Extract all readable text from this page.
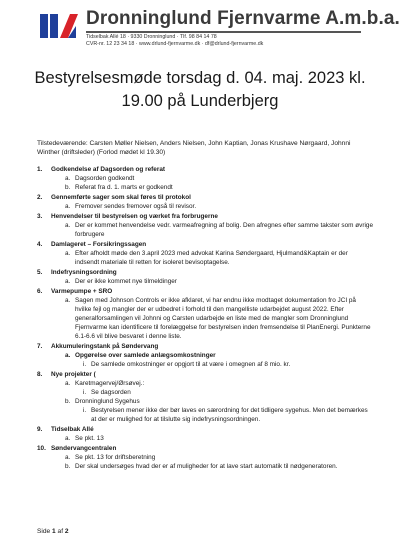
Dronninglund Fjernvarme A.m.b.a.
Tidselbak Allé 18 · 9330 Dronninglund · Tlf. 98 84 14 78
CVR-nr. 12 23 34 18 · www.drlund-fjernvarme.dk · df@drlund-fjernvarme.dk
Bestyrelsesmøde torsdag d. 04. maj. 2023 kl. 19.00 på Lunderbjerg
Tilstedeværende: Carsten Møller Nielsen, Anders Nielsen, John Kaptian, Jonas Krushave Nørgaard, Johnni Winther (driftsleder) (Forlod mødet kl 19.30)
1. Godkendelse af Dagsorden og referat
a. Dagsorden godkendt
b. Referat fra d. 1. marts er godkendt
2. Gennemførte sager som skal føres til protokol
a. Fremover sendes fremover også til revisor.
3. Henvendelser til bestyrelsen og værket fra forbrugerne
a. Der er kommet henvendelse vedr. varmeafregning af bolig. Den afregnes efter samme takster som øvrige forbrugere
4. Damlageret – Forsikringssagen
a. Efter afholdt møde den 3.april 2023 med advokat Karina Søndergaard, Hjulmand&Kaptain er der indsendt materiale til retten for isoleret bevisoptagelse.
5. Indefrysningsordning
a. Der er ikke kommet nye tilmeldinger
6. Varmepumpe + SRO
a. Sagen med Johnson Controls er ikke afklaret, vi har endnu ikke modtaget dokumentation fro JCI på hvilke fejl og mangler der er udbedret i forhold til den mangelliste udarbejdet august 2022. Efter generalforsamlingen vil Johnni og Carsten udarbejde en liste med de mangler som Dronninglund Fjernvarme kan identificere til forelæggelse for bestyrelsen inden fremsendelse til PlanEnergi. Punkterne 6.1-6.6 vil blive besvaret i denne liste.
7. Akkumuleringstank på Søndervang
a. Opgørelse over samlede anlægsomkostninger
i. De samlede omkostninger er opgjort til at være i omegnen af 8 mio. kr.
8. Nye projekter (
a. Karetmagervej/Ørsøvej.:
i. Se dagsorden
b. Dronninglund Sygehus
i. Bestyrelsen mener ikke der bør laves en særordning for det tidligere sygehus. Men det bemærkes at der er mulighed for at tilslutte sig indefrysningsordningen.
9. Tidselbak Allé
a. Se pkt. 13
10. Søndervangcentralen
a. Se pkt. 13 for driftsberetning
b. Der skal undersøges hvad der er af muligheder for at lave start automatik til nødgeneratoren.
Side 1 af 2
